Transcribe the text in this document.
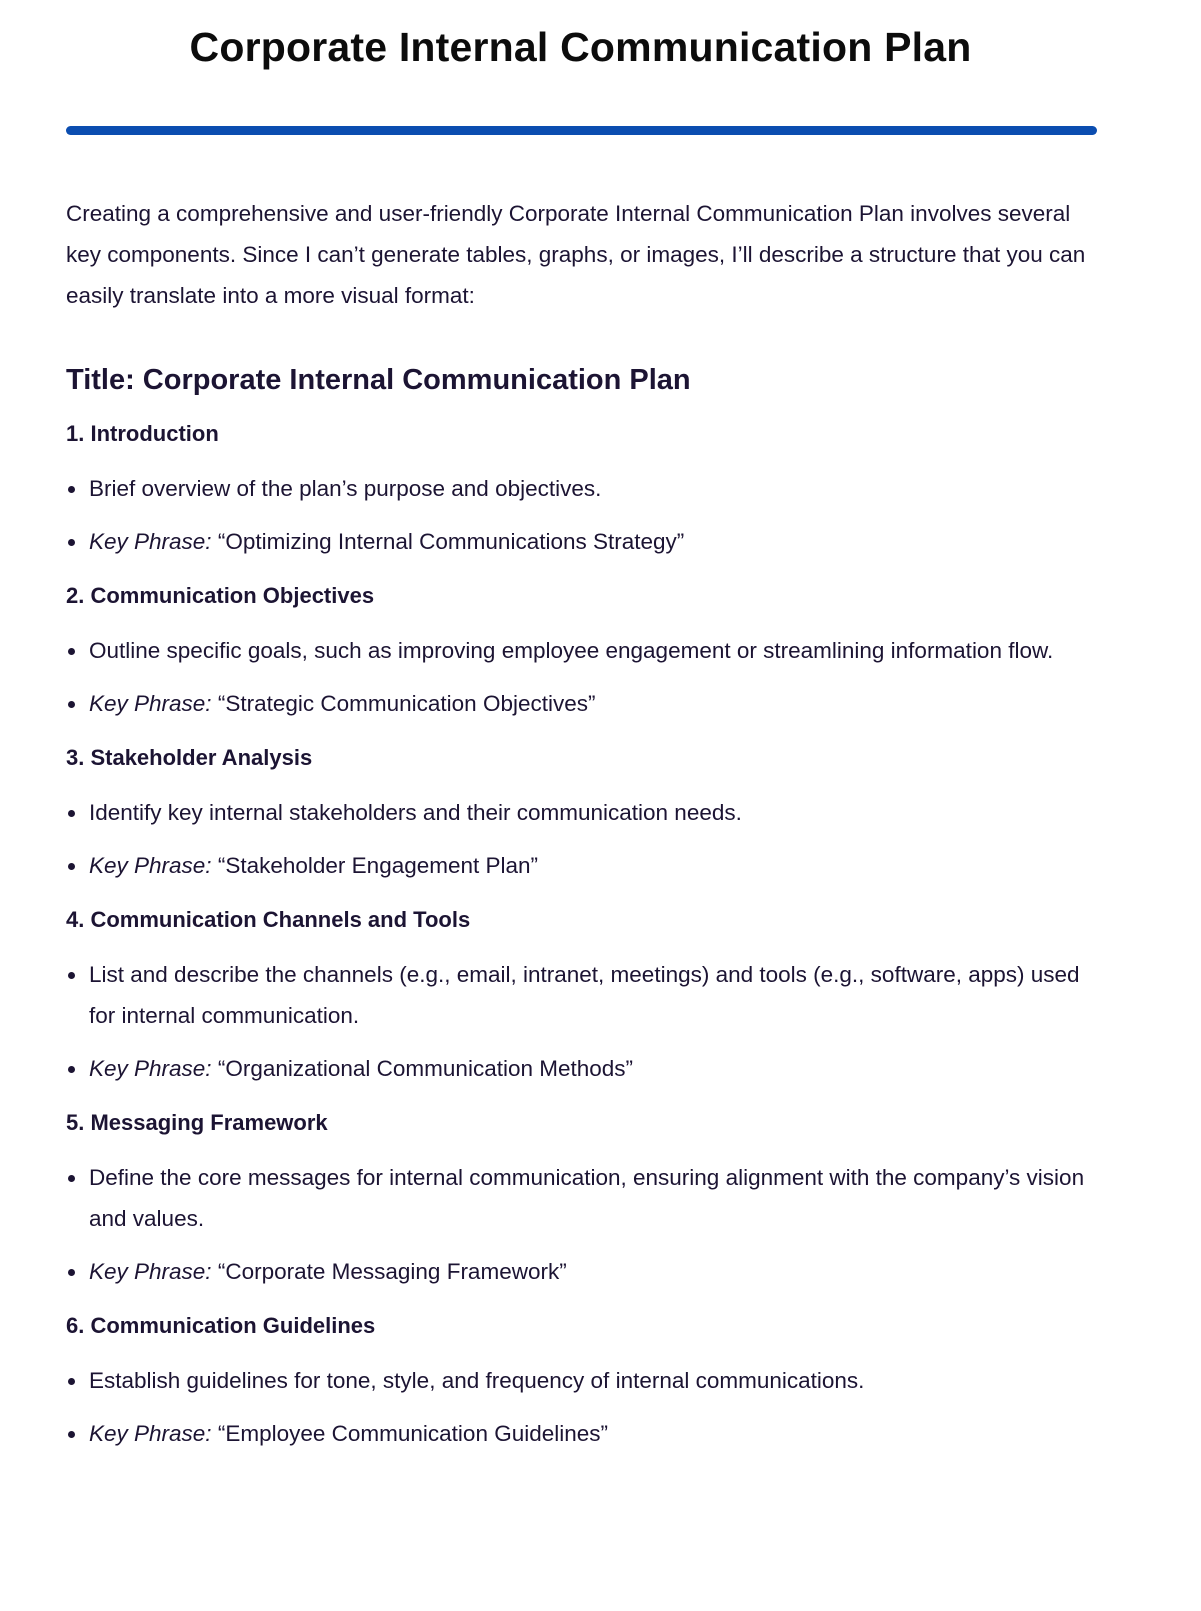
Corporate Internal Communication Plan

Creating a comprehensive and user-friendly Corporate Internal Communication Plan involves several key components. Since I can’t generate tables, graphs, or images, I’ll describe a structure that you can easily translate into a more visual format:

Title: Corporate Internal Communication Plan
1. Introduction
Brief overview of the plan’s purpose and objectives.
Key Phrase: “Optimizing Internal Communications Strategy”
2. Communication Objectives
Outline specific goals, such as improving employee engagement or streamlining information flow.
Key Phrase: “Strategic Communication Objectives”
3. Stakeholder Analysis
Identify key internal stakeholders and their communication needs.
Key Phrase: “Stakeholder Engagement Plan”
4. Communication Channels and Tools
List and describe the channels (e.g., email, intranet, meetings) and tools (e.g., software, apps) used for internal communication.
Key Phrase: “Organizational Communication Methods”
5. Messaging Framework
Define the core messages for internal communication, ensuring alignment with the company’s vision and values.
Key Phrase: “Corporate Messaging Framework”
6. Communication Guidelines
Establish guidelines for tone, style, and frequency of internal communications.
Key Phrase: “Employee Communication Guidelines”
